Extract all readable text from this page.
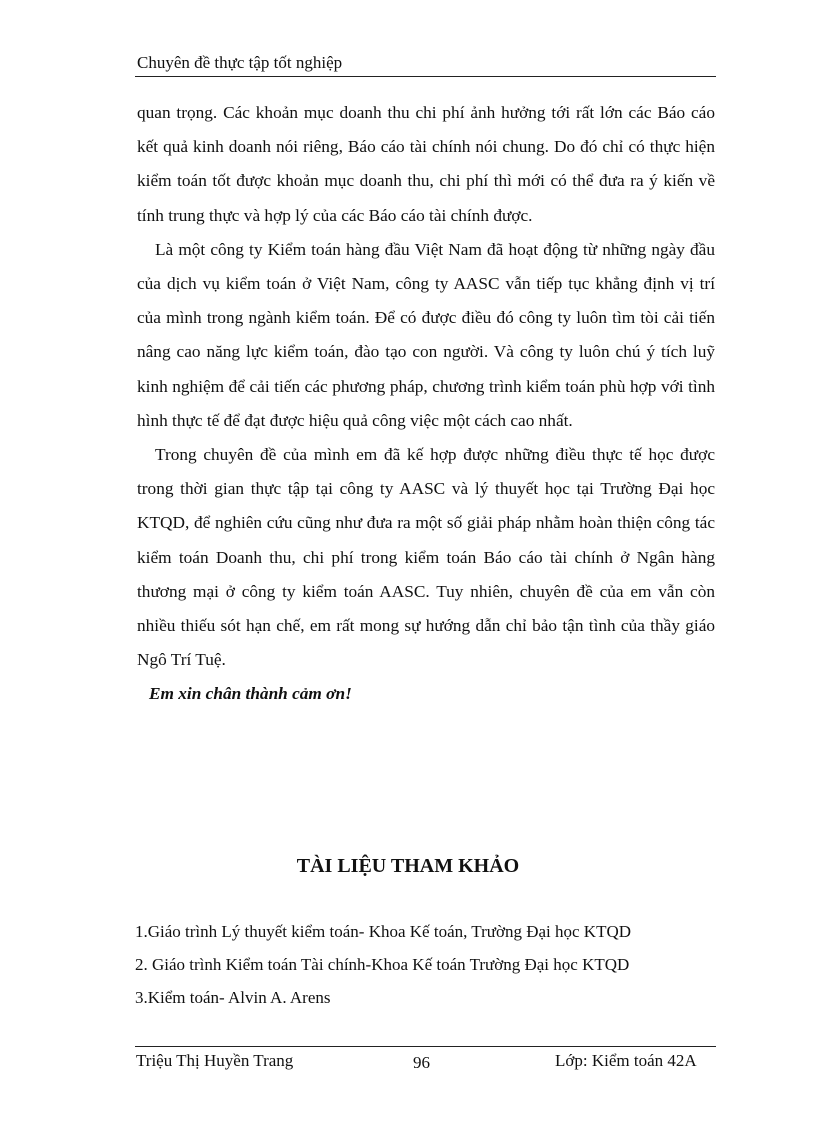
Chuyên đề thực tập tốt nghiệp

quan trọng. Các khoản mục doanh thu chi phí ảnh hưởng tới rất lớn các Báo cáo kết quả kinh doanh nói riêng, Báo cáo tài chính nói chung. Do đó chỉ có thực hiện kiểm toán tốt được khoản mục doanh thu, chi phí thì mới có thể đưa ra ý kiến về tính trung thực và hợp lý của các Báo cáo tài chính được.

Là một công ty Kiểm toán hàng đầu Việt Nam đã hoạt động từ những ngày đầu của dịch vụ kiểm toán ở Việt Nam, công ty AASC vẫn tiếp tục khẳng định vị trí của mình trong ngành kiểm toán. Để có được điều đó công ty luôn tìm tòi cải tiến nâng cao năng lực kiểm toán, đào tạo con người. Và công ty luôn chú ý tích luỹ kinh nghiệm để cải tiến các phương pháp, chương trình kiểm toán phù hợp với tình hình thực tế để đạt được hiệu quả công việc một cách cao nhất.

Trong chuyên đề của mình em đã kế hợp được những điều thực tế học được trong thời gian thực tập tại công ty AASC và lý thuyết học tại Trường Đại học KTQD, để nghiên cứu cũng như đưa ra một số giải pháp nhằm hoàn thiện công tác kiểm toán Doanh thu, chi phí trong kiểm toán Báo cáo tài chính ở Ngân hàng thương mại ở công ty kiểm toán AASC. Tuy nhiên, chuyên đề của em vẫn còn nhiều thiếu sót hạn chế, em rất mong sự hướng dẫn chỉ bảo tận tình của thầy giáo Ngô Trí Tuệ.

Em xin chân thành cảm ơn!

TÀI LIỆU THAM KHẢO
1.Giáo trình Lý thuyết kiểm toán- Khoa Kế toán, Trường Đại học KTQD
2. Giáo trình Kiểm toán Tài chính-Khoa Kế toán Trường Đại học KTQD
3.Kiểm toán- Alvin A. Arens
Triệu Thị Huyền Trang	96	Lớp: Kiểm toán 42A
